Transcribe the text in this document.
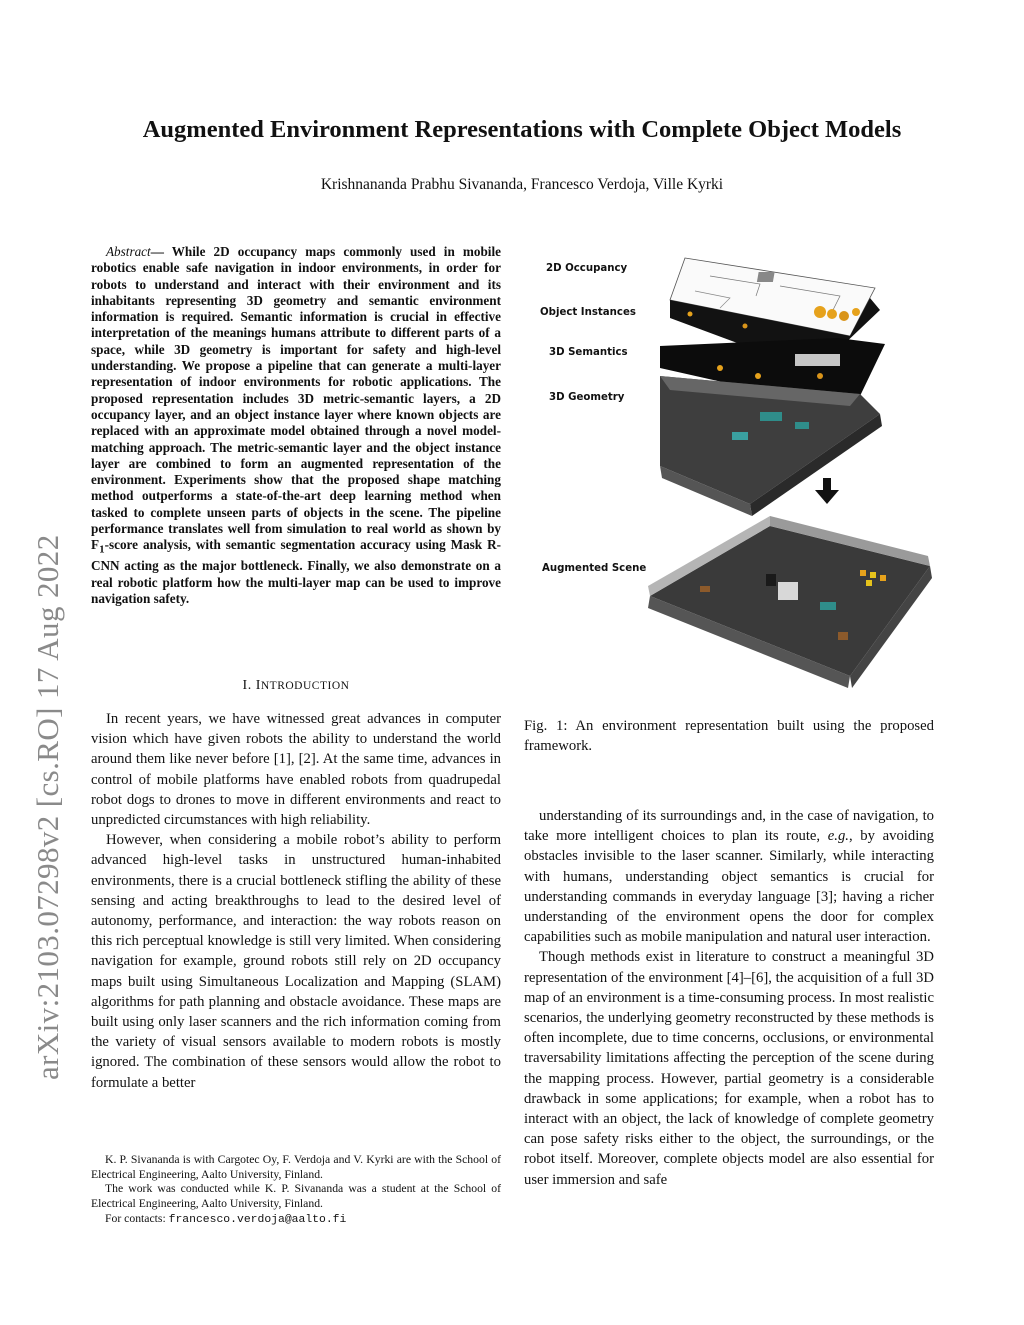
arXiv:2103.07298v2 [cs.RO] 17 Aug 2022
Augmented Environment Representations with Complete Object Models
Krishnananda Prabhu Sivananda, Francesco Verdoja, Ville Kyrki
Abstract— While 2D occupancy maps commonly used in mobile robotics enable safe navigation in indoor environments, in order for robots to understand and interact with their environment and its inhabitants representing 3D geometry and semantic environment information is required. Semantic information is crucial in effective interpretation of the meanings humans attribute to different parts of a space, while 3D geometry is important for safety and high-level understanding. We propose a pipeline that can generate a multi-layer representation of indoor environments for robotic applications. The proposed representation includes 3D metric-semantic layers, a 2D occupancy layer, and an object instance layer where known objects are replaced with an approximate model obtained through a novel model-matching approach. The metric-semantic layer and the object instance layer are combined to form an augmented representation of the environment. Experiments show that the proposed shape matching method outperforms a state-of-the-art deep learning method when tasked to complete unseen parts of objects in the scene. The pipeline performance translates well from simulation to real world as shown by $F_1$-score analysis, with semantic segmentation accuracy using Mask R-CNN acting as the major bottleneck. Finally, we also demonstrate on a real robotic platform how the multi-layer map can be used to improve navigation safety.
I. INTRODUCTION

In recent years, we have witnessed great advances in computer vision which have given robots the ability to understand the world around them like never before [1], [2]. At the same time, advances in control of mobile platforms have enabled robots from quadrupedal robot dogs to drones to move in different environments and react to unpredicted circumstances with high reliability.

However, when considering a mobile robot’s ability to perform advanced high-level tasks in unstructured human-inhabited environments, there is a crucial bottleneck stifling the ability of these sensing and acting breakthroughs to lead to the desired level of autonomy, performance, and interaction: the way robots reason on this rich perceptual knowledge is still very limited. When considering navigation for example, ground robots still rely on 2D occupancy maps built using Simultaneous Localization and Mapping (SLAM) algorithms for path planning and obstacle avoidance. These maps are built using only laser scanners and the rich information coming from the variety of visual sensors available to modern robots is mostly ignored. The combination of these sensors would allow the robot to formulate a better

K. P. Sivananda is with Cargotec Oy, F. Verdoja and V. Kyrki are with the School of Electrical Engineering, Aalto University, Finland.

The work was conducted while K. P. Sivananda was a student at the School of Electrical Engineering, Aalto University, Finland.

For contacts: francesco.verdoja@aalto.fi

2D Occupancy
Object Instances
3D Semantics
3D Geometry
Augmented Scene
Fig. 1: An environment representation built using the proposed framework.

understanding of its surroundings and, in the case of navigation, to take more intelligent choices to plan its route, e.g., by avoiding obstacles invisible to the laser scanner. Similarly, while interacting with humans, understanding object semantics is crucial for understanding commands in everyday language [3]; having a richer understanding of the environment opens the door for complex capabilities such as mobile manipulation and natural user interaction.

Though methods exist in literature to construct a meaningful 3D representation of the environment [4]–[6], the acquisition of a full 3D map of an environment is a time-consuming process. In most realistic scenarios, the underlying geometry reconstructed by these methods is often incomplete, due to time concerns, occlusions, or environmental traversability limitations affecting the perception of the scene during the mapping process. However, partial geometry is a considerable drawback in some applications; for example, when a robot has to interact with an object, the lack of knowledge of complete geometry can pose safety risks either to the object, the surroundings, or the robot itself. Moreover, complete objects model are also essential for user immersion and safe
